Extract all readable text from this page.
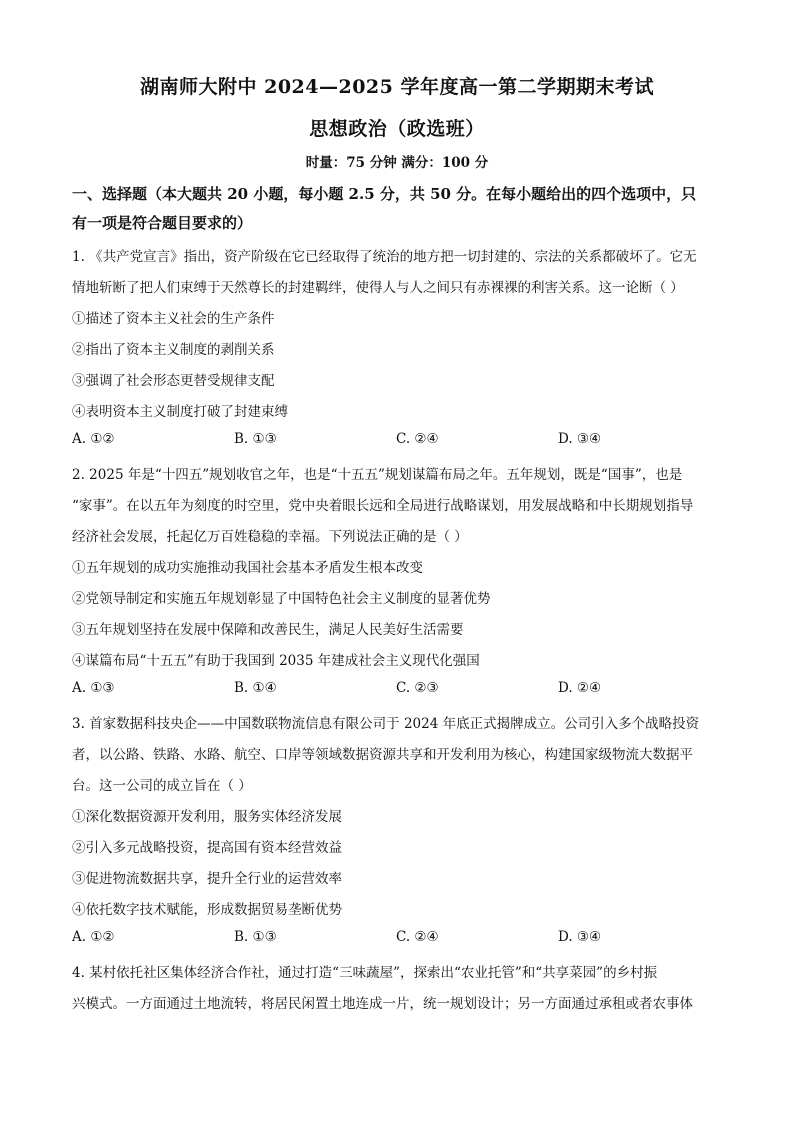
湖南师大附中 2024—2025 学年度高一第二学期期末考试
思想政治（政选班）
时量：75 分钟 满分：100 分
一、选择题（本大题共 20 小题，每小题 2.5 分，共 50 分。在每小题给出的四个选项中，只
有一项是符合题目要求的）
1. 《共产党宣言》指出，资产阶级在它已经取得了统治的地方把一切封建的、宗法的关系都破坏了。它无
情地斩断了把人们束缚于天然尊长的封建羁绊，使得人与人之间只有赤裸裸的利害关系。这一论断（ ）
①描述了资本主义社会的生产条件
②指出了资本主义制度的剥削关系
③强调了社会形态更替受规律支配
④表明资本主义制度打破了封建束缚
A. ①②	B. ①③	C. ②④	D. ③④
2. 2025 年是“十四五”规划收官之年，也是“十五五”规划谋篇布局之年。五年规划，既是“国事”，也是
“家事”。在以五年为刻度的时空里，党中央着眼长远和全局进行战略谋划，用发展战略和中长期规划指导
经济社会发展，托起亿万百姓稳稳的幸福。下列说法正确的是（ ）
①五年规划的成功实施推动我国社会基本矛盾发生根本改变
②党领导制定和实施五年规划彰显了中国特色社会主义制度的显著优势
③五年规划坚持在发展中保障和改善民生，满足人民美好生活需要
④谋篇布局“十五五”有助于我国到 2035 年建成社会主义现代化强国
A. ①③	B. ①④	C. ②③	D. ②④
3. 首家数据科技央企——中国数联物流信息有限公司于 2024 年底正式揭牌成立。公司引入多个战略投资
者，以公路、铁路、水路、航空、口岸等领域数据资源共享和开发利用为核心，构建国家级物流大数据平
台。这一公司的成立旨在（ ）
①深化数据资源开发利用，服务实体经济发展
②引入多元战略投资，提高国有资本经营效益
③促进物流数据共享，提升全行业的运营效率
④依托数字技术赋能，形成数据贸易垄断优势
A. ①②	B. ①③	C. ②④	D. ③④
4. 某村依托社区集体经济合作社，通过打造“三味蔬屋”，探索出“农业托管”和“共享菜园”的乡村振
兴模式。一方面通过土地流转，将居民闲置土地连成一片，统一规划设计；另一方面通过承租或者农事体
